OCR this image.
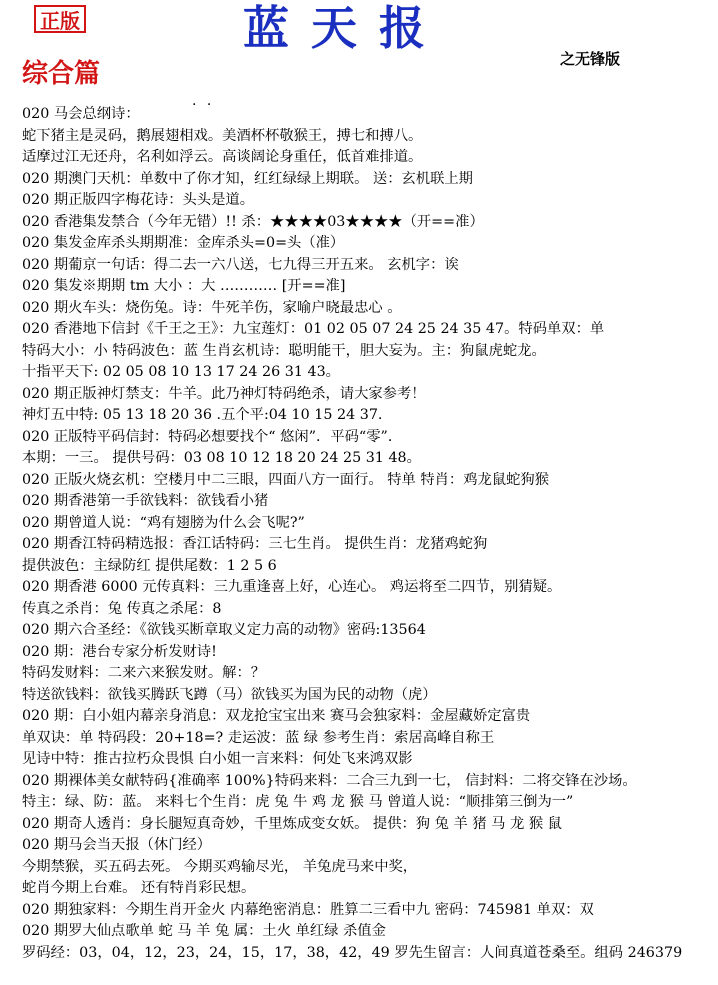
正版	蓝天报
之无锋版
综合篇
· ·
020 马会总纲诗：
蛇下猪主是灵码，鹅展翅相戏。美酒杯杯敬猴王，搏七和搏八。
适摩过江无还舟，名利如浮云。高谈阔论身重任，低首难排道。
020 期澳门天机：单数中了你才知，红红绿绿上期联。 送：玄机联上期
020 期正版四字梅花诗：头头是道。
020 香港集发禁合（今年无错）!! 杀：★★★★03★★★★（开==准）
020 集发金库杀头期期准：金库杀头=0=头（准）
020 期葡京一句话：得二去一六八送，七九得三开五来。 玄机字：诶
020 集发※期期 tm 大小 ：大 ………… [开==准]
020 期火车头：烧伤兔。诗：牛死羊伤，家喻户晓最忠心 。
020 香港地下信封《千王之王》：九宝莲灯：01 02 05 07 24 25 24 35 47。特码单双：单
特码大小：小 特码波色：蓝 生肖玄机诗：聪明能干，胆大妄为。主：狗鼠虎蛇龙。
十指平天下: 02 05 08 10 13 17 24 26 31 43。
020 期正版神灯禁支：牛羊。此乃神灯特码绝杀，请大家参考！
神灯五中特: 05 13 18 20 36 .五个平:04 10 15 24 37.
020 正版特平码信封：特码必想要找个“ 悠闲”．平码“零”．
本期：一三。 提供号码：03 08 10 12 18 20 24 25 31 48。
020 正版火烧玄机：空楼月中二三眼，四面八方一面行。 特单 特肖：鸡龙鼠蛇狗猴
020 期香港第一手欲钱料：欲钱看小猪
020 期曾道人说：“鸡有翅膀为什么会飞呢?”
020 期香江特码精选报：香江话特码：三七生肖。 提供生肖：龙猪鸡蛇狗
提供波色：主绿防红 提供尾数：1 2 5 6
020 期香港 6000 元传真料：三九重逢喜上好，心连心。 鸡运将至二四节，别猜疑。
传真之杀肖：兔 传真之杀尾：8
020 期六合圣经：《欲钱买断章取义定力高的动物》密码:13564
020 期：港台专家分析发财诗!
特码发财料：二来六来猴发财。解：？
特送欲钱料：欲钱买腾跃飞蹲（马）欲钱买为国为民的动物（虎）
020 期：白小姐内幕亲身消息：双龙抢宝宝出来 赛马会独家料：金屋藏娇定富贵
单双诀：单 特码段：20+18=? 走运波：蓝 绿 参考生肖：索居高峰自称王
见诗中特：推古拉朽众畏惧 白小姐一言来料：何处飞来鸿双影
020 期裸体美女献特码{准确率 100%}特码来料：二合三九到一七， 信封料：二将交锋在沙场。
特主：绿、防：蓝。 来料七个生肖：虎 兔 牛 鸡 龙 猴 马 曾道人说：“顺排第三倒为一”
020 期奇人透肖：身长腿短真奇妙，千里炼成变女妖。 提供：狗 兔 羊 猪 马 龙 猴 鼠
020 期马会当天报（休门经）
今期禁猴，买五码去死。 今期买鸡输尽光， 羊兔虎马来中奖，
蛇肖今期上台难。 还有特肖彩民想。
020 期独家料：今期生肖开金火 内幕绝密消息：胜算二三看中九 密码：745981 单双：双
020 期罗大仙点歌单 蛇 马 羊 兔 属：土火 单红绿 杀值金
罗码经：03，04，12，23，24，15，17，38，42，49 罗先生留言：人间真道苍桑至。组码 246379
